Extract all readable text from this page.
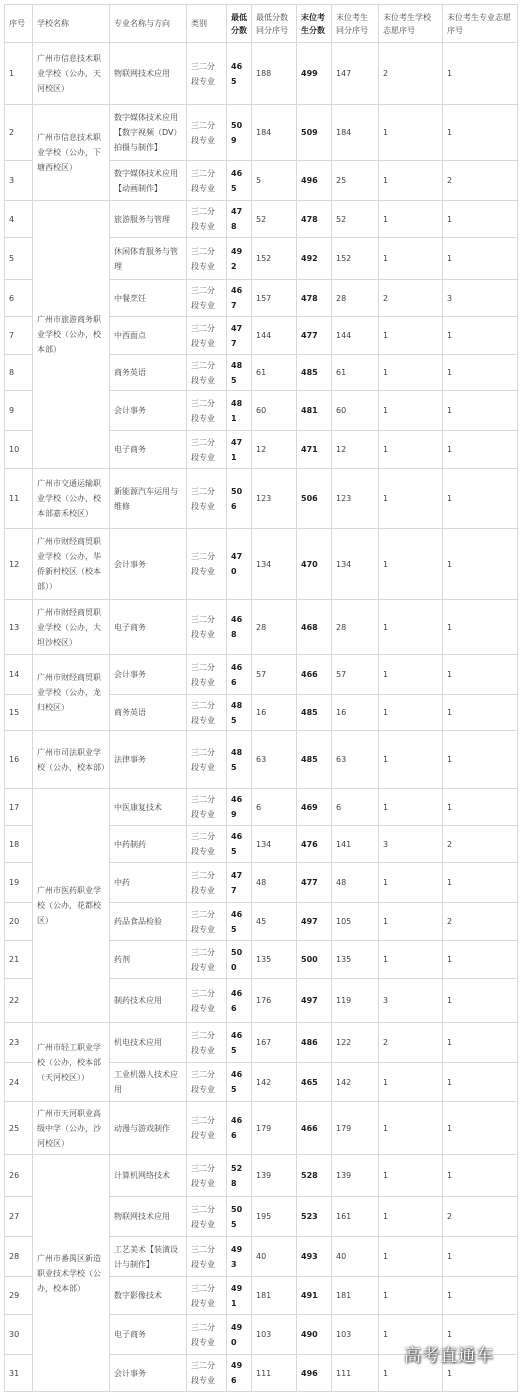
序号	学校名称	专业名称与方向	类别	最低分数	最低分数同分序号	末位考生分数	末位考生同分序号	末位考生学校志愿序号	末位考生专业志愿序号
1	广州市信息技术职业学校（公办，天河校区）	物联网技术应用	三二分段专业	465	188	499	147	2	1
2	广州市信息技术职业学校（公办，下塘西校区）	数字媒体技术应用【数字视频（DV）拍摄与制作】	三二分段专业	509	184	509	184	1	1
3		数字媒体技术应用【动画制作】	三二分段专业	465	5	496	25	1	2
4	广州市旅游商务职业学校（公办，校本部）	旅游服务与管理	三二分段专业	478	52	478	52	1	1
5		休闲体育服务与管理	三二分段专业	492	152	492	152	1	1
6		中餐烹饪	三二分段专业	467	157	478	28	2	3
7		中西面点	三二分段专业	477	144	477	144	1	1
8		商务英语	三二分段专业	485	61	485	61	1	1
9		会计事务	三二分段专业	481	60	481	60	1	1
10		电子商务	三二分段专业	471	12	471	12	1	1
11	广州市交通运输职业学校（公办，校本部嘉禾校区）	新能源汽车运用与维修	三二分段专业	506	123	506	123	1	1
12	广州市财经商贸职业学校（公办，华侨新村校区（校本部））	会计事务	三二分段专业	470	134	470	134	1	1
13	广州市财经商贸职业学校（公办，大坦沙校区）	电子商务	三二分段专业	468	28	468	28	1	1
14	广州市财经商贸职业学校（公办，龙归校区）	会计事务	三二分段专业	466	57	466	57	1	1
15		商务英语	三二分段专业	485	16	485	16	1	1
16	广州市司法职业学校（公办，校本部）	法律事务	三二分段专业	485	63	485	63	1	1
17	广州市医药职业学校（公办，花都校区）	中医康复技术	三二分段专业	469	6	469	6	1	1
18		中药制药	三二分段专业	465	134	476	141	3	2
19		中药	三二分段专业	477	48	477	48	1	1
20		药品食品检验	三二分段专业	465	45	497	105	1	2
21		药剂	三二分段专业	500	135	500	135	1	1
22		制药技术应用	三二分段专业	466	176	497	119	3	1
23	广州市轻工职业学校（公办，校本部（天河校区））	机电技术应用	三二分段专业	465	167	486	122	2	1
24		工业机器人技术应用	三二分段专业	465	142	465	142	1	1
25	广州市天河职业高级中学（公办，沙河校区）	动漫与游戏制作	三二分段专业	466	179	466	179	1	1
26	广州市番禺区新造职业技术学校（公办，校本部）	计算机网络技术	三二分段专业	528	139	528	139	1	1
27		物联网技术应用	三二分段专业	505	195	523	161	1	2
28		工艺美术【装潢设计与制作】	三二分段专业	493	40	493	40	1	1
29		数字影像技术	三二分段专业	491	181	491	181	1	1
30		电子商务	三二分段专业	490	103	490	103	1	1
31		会计事务	三二分段专业	496	111	496	111	1	1
高考直通车
